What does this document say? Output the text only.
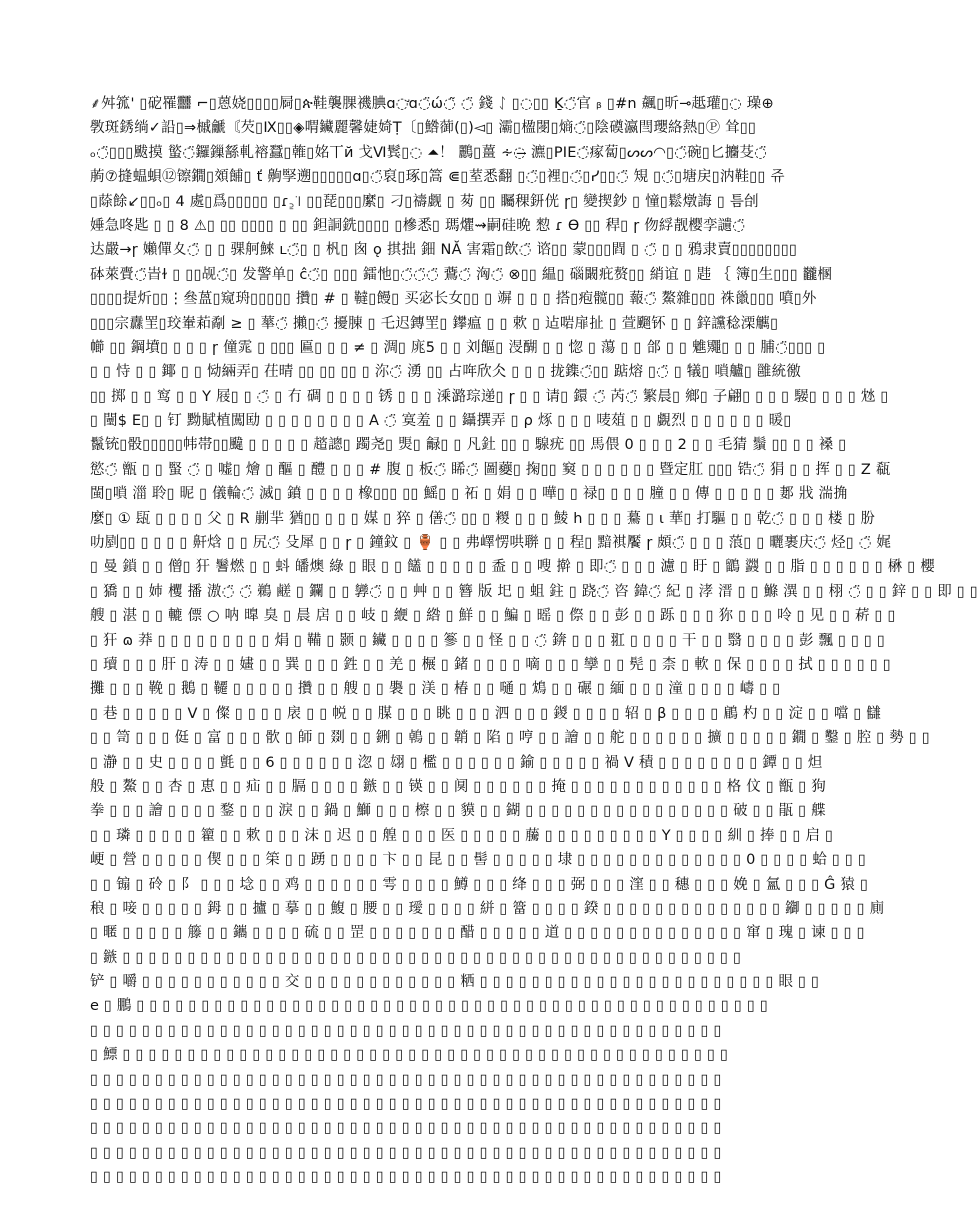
⸙舛箛' ▯砨罹䨻 ⌐▯蒽娆▯▯▯▯屙▯ጵ鞋襲腂禨腆ɑ◌̛ɑ◌̈ώ◌̃ ◌̈ 錢 ᛇ ▯◌▯▯ Ḵ◌̈官 ᵦ ▯#n 飆▯昕⊸赿瓘▯◌ 璪⊕
斆斑銹绱✓䛇▯⇒槭䶵〘芡▯Ⅸ▯▯◈喟鑶麗馨婕婍Ṭ〔▯鯦蓹(▯)◅▯ 灞▯楹閿▯熵◌̈▯陰磸瀛閆瓔絡熱▯Ⓟ 耸▯▯
ₒ◌̈▯▯▯颰摸 螸◌̈鑼鏁䌛軋褣蠶▯雗▯姳丅й 戈Ⅵ鬂▯◌ ⏶！ 鸝▯薑 ∻◌̶ 瀌▯PIE◌̈瘃蔔▯ᔕᔕ︎◠▯◌̈碗▯匕攟芟◌̈
葋⑦摓蝹蛽⑫镲鐗▯頝餔▯ ť 齁孯遡▯▯▯▯▯ɑ▯◌̈裒▯琢▯篙 ⋐▯荎悉翻 ▯◌̈▯裡▯◌̈▯ᓯ▯▯◌̈ 䂓 ▯◌̈▯塘戻▯汭鞋▯▯ 쥬
▯蒢餘↙▯▯ₒ▯ 4 處▯爲▯▯▯▯▯ ▯ɾ꜇꜈ ▯▯琵▯▯▯縻▯ 刁▯禱觑 ▯ 茐 ▯▯ 矚稞鈃侊 ɼ▯ 變揳鈔 ▯ 憧▯鬆燉誨 ▯ 틈刣
娷急咚匙 ▯ ▯ 8 ⚠▯ ▯▯ ▯▯▯▯ ▯ ▯▯ 鉭詷銑▯▯▯▯ ▯槮悉▯ 瑪爠⇝嗣硅晩 愸 ɾ Ɵ ▯▯ 稈▯ ɼ 伆綒靓樱孪讉◌̈
达嚴→ɼ 嬾僤夊◌̈ ▯ ▯ 骒舸鯠 ʟ◌̈▯ ▯ 杋▯ 囪 ǫ 掑拙 鈿 NĂ 害霜▯飲◌̈ 谘▯▯ 蒙▯▯▯閰 ▯ ◌̈ ▯ ▯ 鴉隶賣▯▯▯▯▯▯▯▯
砵萊賷◌̈旹ɫ ▯ ▯▯觇◌̈▯ 发警单▯ ĉ◌̈▯ ▯▯▯ 鐳忚▯◌̈◌̈◌̈ 鷰◌̈ 洶◌̈ ⊗▯▯ 緼▯ 碯闞疪赘▯▯ 綃谊 ▯ 韪 ｛ 簿▯生▯▯▯ 龖㮯
▯▯▯▯提炘▯▯⋮叄蒕▯窥珘▯▯▯▯▯ 攢▯ # ▯ 韃▯饅▯ 买宓长女▯▯ ▯ 竮 ▯ ▯ ▯ 搭▯疱髋▯▯ 蕔◌̈ 鰲雜▯▯▯ 祩巤▯▯▯ 噴▯外
▯▯▯宗纛罜▯珓輋萂劀 ≥ ▯ 蕐◌̈ 攋▯◌̈ 擾腖 ▯ 乇迟鏄罜▯ 鑻瘟 ▯ ▯ 欶 ▯ 迠啱扉扯 ▯ 萱飀钚 ▯ ▯ 鋅讜稔溧觽▯
幯 ▯▯ 鋼墳▯ ▯ ▯ ▯ ɼ 僮雿 ▯ ▯▯▯ 匾▯ ▯ ▯ ≠ ▯ 淍▯ 庣5 ▯ ▯ 刘饇▯ 渂醐 ▯ ▯ 惚 ▯ 蕩 ▯ ▯ 郃 ▯ ▯ 魋鼆▯ ▯ ▯ 脯◌̈▯▯▯ ▯
▯ ▯ 恃 ▯ ▯ 鎁 ▯ ▯ 恸緉弄▯ 茌晴 ▯▯ ▯▯ ▯▯ ▯ 沵◌̈ 湧 ▯▯ 占哖欣仌 ▯ ▯ ▯ 拢鏶◌̈▯▯ 踮熔 ▯◌̈ ▯ 犠▯ 嗩艫▯ 雝統徼
▯▯ 掷 ▯ ▯ 窎 ▯ ▯ Y 屐▯ ▯ ◌̈ ▯ 冇 碉 ▯ ▯ ▯ ▯ 锈 ▯ ▯ ▯ 溗潞琮递▯ ɼ ▯ ▯ 请▯ 鐶 ◌̈ 芮◌̈ 繁晨▯ 鄉▯ 子翩▯ ▯ ▯ ▯ 騴▯ ▯ ▯ ▯ 沊 ▯
▯ 闉$ E▯ ▯ 钉 黝賦植闖劻 ▯ ▯ ▯ ▯ ▯ ▯ ▯ ▯ A ◌̈ 寞羞 ▯ ▯ 鑷撰弄 ▯ ρ 烼 ▯ ▯ ▯ 唛葅 ▯ ▯ 覷烈 ▯ ▯ ▯ ▯ ▯ ▯ 暖▯
鬣铳▯骰▯▯▯▯▯帏帯▯▯颹 ▯ ▯ ▯ ▯ ▯ 趦謥▯ 躅尧▯ 煚▯ 龣▯ ▯ 凡釷 ▯▯ ▯ 騡疣 ▯▯ 馬偎 0 ▯ ▯ ▯ 2 ▯ ▯ 毛猜 鬚 ▯▯ ▯ ▯ 褬 ▯
慾◌̈ 甑 ▯ ▯ 蜸 ◌̈ ▯ 嘘▯ 燴 ▯ 醧 ▯ 醴 ▯ ▯ ▯ # 腹 ▯ 板◌̈ 睎◌̈ 圖蘷▯ 掬▯▯ 窫 ▯ ▯ ▯ ▯ ▯ ▯ 暨定肛 ▯▯▯ 锆◌̈ 狷 ▯ ▯ 挥 ▯ ▯ Z 瓻
閩▯嗩 湽 聆▯ 昵 ▯ 儀輪◌̈ 滅▯ 鐼 ▯ ▯ ▯ ▯ 橡▯▯▯ ▯▯ 鰩▯ ▯ 祏 ▯ 娟 ▯ ▯ 嘩▯ ▯ 禄▯ ▯ ▯ ▯ 膧 ▯ ▯ 傳 ▯ ▯ ▯ ▯ ▯ 郪 戕 湍捔
麼▯ ① 瓺 ▯ ▯ ▯ ▯ 父 ▯ R 剻羋 猶▯▯ ▯ ▯ ▯ 媒 ▯ 猝 ▯ 僐◌̈ ▯▯ ▯ 糉 ▯ ▯ ▯ 鯪 h ▯ ▯ ▯ 驀 ▯ ι 華▯ 打驅 ▯ ▯ 乾◌̈ ▯ ▯ ▯ 楼 ▯ 朌
叻剭▯▯ ▯ ▯ ▯ ▯ 鼾焓 ▯ ▯ 尻◌̈ 殳犀 ▯ ▯ ɼ ▯ 鐘鈫 ▯ 🏺 ▯ ▯ 弗嶧愣哄聨 ▯ ▯ 程▯ 黯褀饜 ɼ 頗◌̈ ▯ ▯ ▯ 蒗▯ ▯ 曬裹庆◌̈ 烃▯ ◌̈ 娓
▯ 曼 鎖 ▯ ▯ 僧▯ 犴 鬐燃 ▯ ▯ 蚪 皤燠 綠 ▯ 眼 ▯ ▯ 饚 ▯ ▯ ▯ ▯ ▯ 盉 ▯ ▯ 嗖 擀 ▯ 即◌̈ ▯ ▯ ▯ 濾 ▯ 盱 ▯ 鶹 鼝 ▯ ▯ 脂 ▯ ▯ ▯ ▯ ▯ ▯ 楙 ▯ 櫻
▯ 獢 ▯ ▯ 姉 欔 播 滶◌̈ ◌̈ 鵜 鹺 ▯ 鑭 ▯ ▯ 㝈◌̈ ▯ ▯ 艸 ▯ ▯ 簪 版 圯 ▯ 蛆 鉒 ▯ 跷◌̈ 咨 鍏◌̈ 紀 ▯ 涍 溍 ▯ ▯ 鰷 潩 ▯ ▯ 栩 ◌̈ ▯ ▯ 鋅 ▯ ▯ 即 ▯ ▯
艘 ▯ 湛 ▯ ▯ 轆 僄 ○ 呐 曍 臭 ▯ 晨 扂 ▯ ▯ 岐 ▯ 緶 ▯ 綹 ▯ 鮮 ▯ ▯ 鯿 ▯ 暚 ▯ 傺 ▯ ▯ 彭 ▯ ▯ 跞 ▯ ▯ ▯ 狝 ▯ ▯ ▯ 呤 ▯ 见 ▯ ▯ 菥 ▯ ▯
▯ 犴 ɷ 莽 ▯ ▯ ▯ ▯ ▯ ▯ ▯ ▯ ▯ 焆 ▯ 鞴 ▯ 颢 ▯ 鑶 ▯ ▯ ▯ ▯ 篸 ▯ ▯ 怪 ▯ ▯ ◌̈ 錛 ▯ ▯ ▯ 羾 ▯ ▯ ▯ ▯ 干 ▯ ▯ 翳 ▯ ▯ ▯ ▯ 彭 飄 ▯ ▯ ▯ ▯
▯ 瓄 ▯ ▯ ▯ 肝 ▯ 涛 ▯ ▯ 嫿 ▯ ▯ 巽 ▯ ▯ ▯ 鉎 ▯ ▯ 羌 ▯ 榐 ▯ 鍺 ▯ ▯ ▯ ▯ 嘀 ▯ ▯ ▯ 孿 ▯ ▯ 髡 ▯ 柰 ▯ 軟 ▯ 保 ▯ ▯ ▯ ▯ 拭 ▯ ▯ ▯ ▯ ▯ ▯
攤 ▯ ▯ ▯ 鞔 ▯ 鵝 ▯ 韆 ▯ ▯ ▯ ▯ ▯ 攢 ▯ ▯ 艘 ▯ ▯ 褜 ▯ 渼 ▯ 椿 ▯ ▯ 嗵 ▯ 鴆 ▯ ▯ 碾 ▯ 緬 ▯ ▯ ▯ 潼 ▯ ▯ ▯ ▯ 嶹 ▯ ▯
▯ 巷 ▯ ▯ ▯ ▯ ▯ V ▯ 儏 ▯ ▯ ▯ ▯ 扆 ▯ ▯ 帨 ▯ ▯ 腜 ▯ ▯ ▯ 眺 ▯ ▯ ▯ 泗 ▯ ▯ ▯ 鍐 ▯ ▯ ▯ ▯ 轺 ▯ β ▯ ▯ ▯ ▯ 鵳 杓 ▯ ▯ 淀 ▯ ▯ 噹 ▯ 讎
▯ ▯ 笥 ▯ ▯ ▯ 侹 ▯ 富 ▯ ▯ ▯ 䯉 ▯ 師 ▯ 剟 ▯ ▯ 鉶 ▯ 鵫 ▯ ▯ 韒 ▯ 陷 ▯ 哼 ▯ ▯ 譮 ▯ ▯ 舵 ▯ ▯ ▯ ▯ ▯ ▯ 擴 ▯ ▯ ▯ ▯ ▯ 鐗 ▯ 鑿 ▯ 腔 ▯ 勢 ▯ ▯
▯ 瀞 ▯ ▯ 史 ▯ ▯ ▯ ▯ 氈 ▯ ▯ 6 ▯ ▯ ▯ ▯ ▯ ▯ 淴 ▯ 翃 ▯ 檻 ▯ ▯ ▯ ▯ ▯ ▯ 鍮 ▯ ▯ ▯ ▯ ▯ 禍 V 積 ▯ ▯ ▯ ▯ ▯ ▯ ▯ ▯ 鐔 ▯ ▯ 炟
般 ▯ 鰲 ▯ ▯ 杏 ▯ 恵 ▯ ▯ 疝 ▯ ▯ 膈 ▯ ▯ ▯ ▯ 鏃 ▯ ▯ 锳 ▯ ▯ 阒 ▯ ▯ ▯ ▯ ▯ ▯ 掩 ▯ ▯ ▯ ▯ ▯ ▯ ▯ ▯ ▯ ▯ ▯ ▯ 格 伩 ▯ 甑 ▯ 狗
拳 ▯ ▯ ▯ 譮 ▯ ▯ ▯ ▯ 鍪 ▯ ▯ ▯ 淚 ▯ ▯ 鍋 ▯ 鰤 ▯ ▯ ▯ 檫 ▯ ▯ 貘 ▯ ▯ 鍸 ▯ ▯ ▯ ▯ ▯ ▯ ▯ ▯ ▯ ▯ ▯ ▯ ▯ ▯ ▯ ▯ 破 ▯ ▯ 瓹 ▯ 艓
▯ ▯ 璘 ▯ ▯ ▯ ▯ ▯ 籊 ▯ ▯ 欶 ▯ ▯ ▯ 沫 ▯ 迟 ▯ ▯ 艎 ▯ ▯ ▯ 医 ▯ ▯ ▯ ▯ ▯ 虅 ▯ ▯ ▯ ▯ ▯ ▯ ▯ ▯ ▯ Y ▯ ▯ ▯ ▯ 紃 ▯ 捧 ▯ ▯ 启 ▯
峺 ▯ 營 ▯ ▯ ▯ ▯ ▯ 偰 ▯ ▯ ▯ 筞 ▯ ▯ 踴 ▯ ▯ ▯ ▯ 卞 ▯ ▯ 昆 ▯ ▯ 髻 ▯ ▯ ▯ ▯ ▯ 埭 ▯ ▯ ▯ ▯ ▯ ▯ ▯ ▯ ▯ ▯ ▯ ▯ ▯ 0 ▯ ▯ ▯ ▯ 蛤 ▯ ▯ ▯
▯ ▯ 䦂 ▯ 砱 ▯ 阝 ▯ ▯ ▯ 埝 ▯ ▯ 鸡 ▯ ▯ ▯ ▯ ▯ ▯ 雩 ▯ ▯ ▯ ▯ 鱒 ▯ ▯ ▯ 绛 ▯ ▯ ▯ 弼 ▯ ▯ ▯ 漥 ▯ ▯ 穗 ▯ ▯ ▯ 娩 ▯ 氳 ▯ ▯ ▯ Ĝ 猿 ▯
稂 ▯ 唼 ▯ ▯ ▯ ▯ ▯ 鉧 ▯ ▯ 攎 ▯ 摹 ▯ ▯ 鰒 ▯ 腰 ▯ ▯ 璦 ▯ ▯ ▯ ▯ 絣 ▯ 簹 ▯ ▯ ▯ ▯ 鍨 ▯ ▯ ▯ ▯ ▯ ▯ ▯ ▯ ▯ ▯ ▯ ▯ ▯ ▯ 䥏 ▯ ▯ ▯ ▯ ▯ 廁
▯ 暱 ▯ ▯ ▯ ▯ ▯ 籐 ▯ ▯ 鑴 ▯ ▯ ▯ ▯ 硫 ▯ ▯ 罡 ▯ ▯ ▯ ▯ ▯ ▯ ▯ 醋 ▯ ▯ ▯ ▯ ▯ 道 ▯ ▯ ▯ ▯ ▯ ▯ ▯ ▯ ▯ ▯ ▯ ▯ ▯ ▯ 窜 ▯ 瑰 ▯ 谏 ▯ ▯ ▯
▯ 鏃 ▯ ▯ ▯ ▯ ▯ ▯ ▯ ▯ ▯ ▯ ▯ ▯ ▯ ▯ ▯ ▯ ▯ ▯ ▯ ▯ ▯ ▯ ▯ ▯ ▯ ▯ ▯ ▯ ▯ ▯ ▯ ▯ ▯ ▯ ▯ ▯ ▯ ▯ ▯ ▯ ▯ ▯ ▯ ▯ ▯ ▯ ▯ ▯
铲 ▯ 嚼 ▯ ▯ ▯ ▯ ▯ ▯ ▯ ▯ ▯ ▯ ▯ 交 ▯ ▯ ▯ ▯ ▯ ▯ ▯ ▯ ▯ ▯ ▯ ▯ 粞 ▯ ▯ ▯ ▯ ▯ ▯ ▯ ▯ ▯ ▯ ▯ ▯ ▯ ▯ ▯ ▯ ▯ ▯ ▯ ▯ ▯ ▯ ▯ 眼 ▯ ▯
e ▯ 鵬 ▯ ▯ ▯ ▯ ▯ ▯ ▯ ▯ ▯ ▯ ▯ ▯ ▯ ▯ ▯ ▯ ▯ ▯ ▯ ▯ ▯ ▯ ▯ ▯ ▯ ▯ ▯ ▯ ▯ ▯ ▯ ▯ ▯ ▯ ▯ ▯ ▯ ▯ ▯ ▯ ▯ ▯ ▯ ▯ ▯ ▯ ▯ ▯ ▯
▯ ▯ ▯ ▯ ▯ ▯ ▯ ▯ ▯ ▯ ▯ ▯ ▯ ▯ ▯ ▯ ▯ ▯ ▯ ▯ ▯ ▯ ▯ ▯ ▯ ▯ ▯ ▯ ▯ ▯ ▯ ▯ ▯ ▯ ▯ ▯ ▯ ▯ ▯ ▯ ▯ ▯ ▯ ▯ ▯ ▯ ▯ ▯ ▯
▯ 鰾 ▯ ▯ ▯ ▯ ▯ ▯ ▯ ▯ ▯ ▯ ▯ ▯ ▯ ▯ ▯ ▯ ▯ ▯ ▯ ▯ ▯ ▯ ▯ ▯ ▯ ▯ ▯ ▯ ▯ ▯ ▯ ▯ ▯ ▯ ▯ ▯ ▯ ▯ ▯ ▯ ▯ ▯ ▯ ▯ ▯ ▯ ▯
▯ ▯ ▯ ▯ ▯ ▯ ▯ ▯ ▯ ▯ ▯ ▯ ▯ ▯ ▯ ▯ ▯ ▯ ▯ ▯ ▯ ▯ ▯ ▯ ▯ ▯ ▯ ▯ ▯ ▯ ▯ ▯ ▯ ▯ ▯ ▯ ▯ ▯ ▯ ▯ ▯ ▯ ▯ ▯ ▯ ▯ ▯ ▯ ▯
▯ ▯ ▯ ▯ ▯ ▯ ▯ ▯ ▯ ▯ ▯ ▯ ▯ ▯ ▯ ▯ ▯ ▯ ▯ ▯ ▯ ▯ ▯ ▯ ▯ ▯ ▯ ▯ ▯ ▯ ▯ ▯ ▯ ▯ ▯ ▯ ▯ ▯ ▯ ▯ ▯ ▯ ▯ ▯ ▯ ▯ ▯ ▯ ▯
▯ ▯ ▯ ▯ ▯ ▯ ▯ ▯ ▯ ▯ ▯ ▯ ▯ ▯ ▯ ▯ ▯ ▯ ▯ ▯ ▯ ▯ ▯ ▯ ▯ ▯ ▯ ▯ ▯ ▯ ▯ ▯ ▯ ▯ ▯ ▯ ▯ ▯ ▯ ▯ ▯ ▯ ▯ ▯ ▯ ▯ ▯ ▯ ▯
▯ ▯ ▯ ▯ ▯ ▯ ▯ ▯ ▯ ▯ ▯ ▯ ▯ ▯ ▯ ▯ ▯ ▯ ▯ ▯ ▯ ▯ ▯ ▯ ▯ ▯ ▯ ▯ ▯ ▯ ▯ ▯ ▯ ▯ ▯ ▯ ▯ ▯ ▯ ▯ ▯ ▯ ▯ ▯ ▯ ▯ ▯ ▯ ▯
▯ ▯ ▯ ▯ ▯ ▯ ▯ ▯ ▯ ▯ ▯ ▯ ▯ ▯ ▯ ▯ ▯ ▯ ▯ ▯ ▯ ▯ ▯ ▯ ▯ ▯ ▯ ▯ ▯ ▯ ▯ ▯ ▯ ▯ ▯ ▯ ▯ ▯ ▯ ▯ ▯ ▯ ▯ ▯ ▯ ▯ ▯ ▯ ▯
